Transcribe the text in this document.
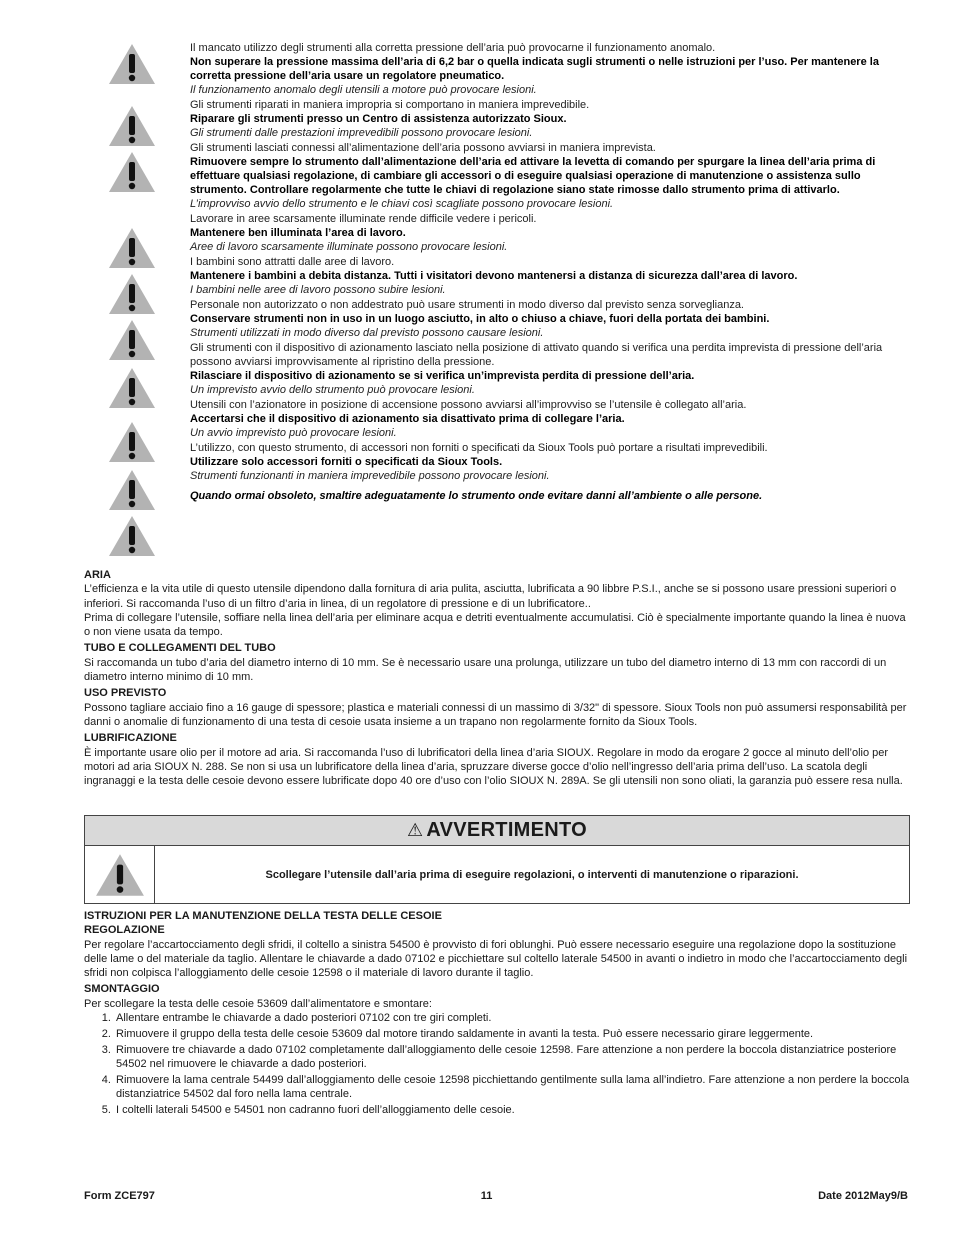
Il mancato utilizzo degli strumenti alla corretta pressione dell’aria può provocarne il funzionamento anomalo.

Non superare la pressione massima dell’aria di 6,2 bar o quella indicata sugli strumenti o nelle istruzioni per l’uso. Per mantenere la corretta pressione dell’aria usare un regolatore pneumatico.

Il funzionamento anomalo degli utensili a motore può provocare lesioni.

Gli strumenti riparati in maniera impropria si comportano in maniera imprevedibile.

Riparare gli strumenti presso un Centro di assistenza autorizzato Sioux.

Gli strumenti dalle prestazioni imprevedibili possono provocare lesioni.

Gli strumenti lasciati connessi all’alimentazione dell’aria possono avviarsi in maniera imprevista.

Rimuovere sempre lo strumento dall’alimentazione dell’aria ed attivare la levetta di comando per spurgare la linea dell’aria prima di effettuare qualsiasi regolazione, di cambiare gli accessori o di eseguire qualsiasi operazione di manutenzione o assistenza sullo strumento. Controllare regolarmente che tutte le chiavi di regolazione siano state rimosse dallo strumento prima di attivarlo.

L’improvviso avvio dello strumento e le chiavi così scagliate possono provocare lesioni.

Lavorare in aree scarsamente illuminate rende difficile vedere i pericoli.

Mantenere ben illuminata l’area di lavoro.

Aree di lavoro scarsamente illuminate possono provocare lesioni.

I bambini sono attratti dalle aree di lavoro.

Mantenere i bambini a debita distanza. Tutti i visitatori devono mantenersi a distanza di sicurezza dall’area di lavoro.

I bambini nelle aree di lavoro possono subire lesioni.

Personale non autorizzato o non addestrato può usare strumenti in modo diverso dal previsto senza sorveglianza.

Conservare strumenti non in uso in un luogo asciutto, in alto o chiuso a chiave, fuori della portata dei bambini.

Strumenti utilizzati in modo diverso dal previsto possono causare lesioni.

Gli strumenti con il dispositivo di azionamento lasciato nella posizione di attivato quando si verifica una perdita imprevista di pressione dell’aria possono avviarsi improvvisamente al ripristino della pressione.

Rilasciare il dispositivo di azionamento se si verifica un’imprevista perdita di pressione dell’aria.

Un imprevisto avvio dello strumento può provocare lesioni.

Utensili con l’azionatore in posizione di accensione possono avviarsi all’improvviso se l’utensile è collegato all’aria.

Accertarsi che il dispositivo di azionamento sia disattivato prima di collegare l’aria.

Un avvio imprevisto può provocare lesioni.

L’utilizzo, con questo strumento, di accessori non forniti o specificati da Sioux Tools può portare a risultati imprevedibili.

Utilizzare solo accessori forniti o specificati da Sioux Tools.

Strumenti funzionanti in maniera imprevedibile possono provocare lesioni.

Quando ormai obsoleto, smaltire adeguatamente lo strumento onde evitare danni all’ambiente o alle persone.

ARIA

L’efficienza e la vita utile di questo utensile dipendono dalla fornitura di aria pulita, asciutta, lubrificata a 90 libbre P.S.I., anche se si possono usare pressioni superiori o inferiori. Si raccomanda l’uso di un filtro d’aria in linea, di un regolatore di pressione e di un lubrificatore..

Prima di collegare l’utensile, soffiare nella linea dell’aria per eliminare acqua e detriti eventualmente accumulatisi. Ciò è specialmente importante quando la linea è nuova o non viene usata da tempo.

TUBO E COLLEGAMENTI DEL TUBO

Si raccomanda un tubo d’aria del diametro interno di 10 mm. Se è necessario usare una prolunga, utilizzare un tubo del diametro interno di 13 mm con raccordi di un diametro interno minimo di 10 mm.

USO PREVISTO

Possono tagliare acciaio fino a 16 gauge di spessore; plastica e materiali connessi di un massimo di 3/32" di spessore. Sioux Tools non può assumersi responsabilità per danni o anomalie di funzionamento di una testa di cesoie usata insieme a un trapano non regolarmente fornito da Sioux Tools.

LUBRIFICAZIONE

È importante usare olio per il motore ad aria. Si raccomanda l’uso di lubrificatori della linea d’aria SIOUX. Regolare in modo da erogare 2 gocce al minuto dell’olio per motori ad aria SIOUX N. 288. Se non si usa un lubrificatore della linea d’aria, spruzzare diverse gocce d’olio nell’ingresso dell’aria prima dell’uso. La scatola degli ingranaggi e la testa delle cesoie devono essere lubrificate dopo 40 ore d’uso con l’olio SIOUX N. 289A. Se gli utensili non sono oliati, la garanzia può essere resa nulla.

⚠ AVVERTIMENTO
Scollegare l’utensile dall’aria prima di eseguire regolazioni, o interventi di manutenzione o riparazioni.

ISTRUZIONI PER LA MANUTENZIONE DELLA TESTA DELLE CESOIE

REGOLAZIONE

Per regolare l’accartocciamento degli sfridi, il coltello a sinistra 54500 è provvisto di fori oblunghi. Può essere necessario eseguire una regolazione dopo la sostituzione delle lame o del materiale da taglio. Allentare le chiavarde a dado 07102 e picchiettare sul coltello laterale 54500 in avanti o indietro in modo che l’accartocciamento degli sfridi non colpisca l’alloggiamento delle cesoie 12598 o il materiale di lavoro durante il taglio.

SMONTAGGIO

Per scollegare la testa delle cesoie 53609 dall’alimentatore e smontare:

1. Allentare entrambe le chiavarde a dado posteriori 07102 con tre giri completi.
2. Rimuovere il gruppo della testa delle cesoie 53609 dal motore tirando saldamente in avanti la testa. Può essere necessario girare leggermente.
3. Rimuovere tre chiavarde a dado 07102 completamente dall’alloggiamento delle cesoie 12598. Fare attenzione a non perdere la boccola distanziatrice posteriore 54502 nel rimuovere le chiavarde a dado posteriori.
4. Rimuovere la lama centrale 54499 dall’alloggiamento delle cesoie 12598 picchiettando gentilmente sulla lama all’indietro. Fare attenzione a non perdere la boccola distanziatrice 54502 dal foro nella lama centrale.
5. I coltelli laterali 54500 e 54501 non cadranno fuori dell’alloggiamento delle cesoie.
Form ZCE797	11	Date 2012May9/B
